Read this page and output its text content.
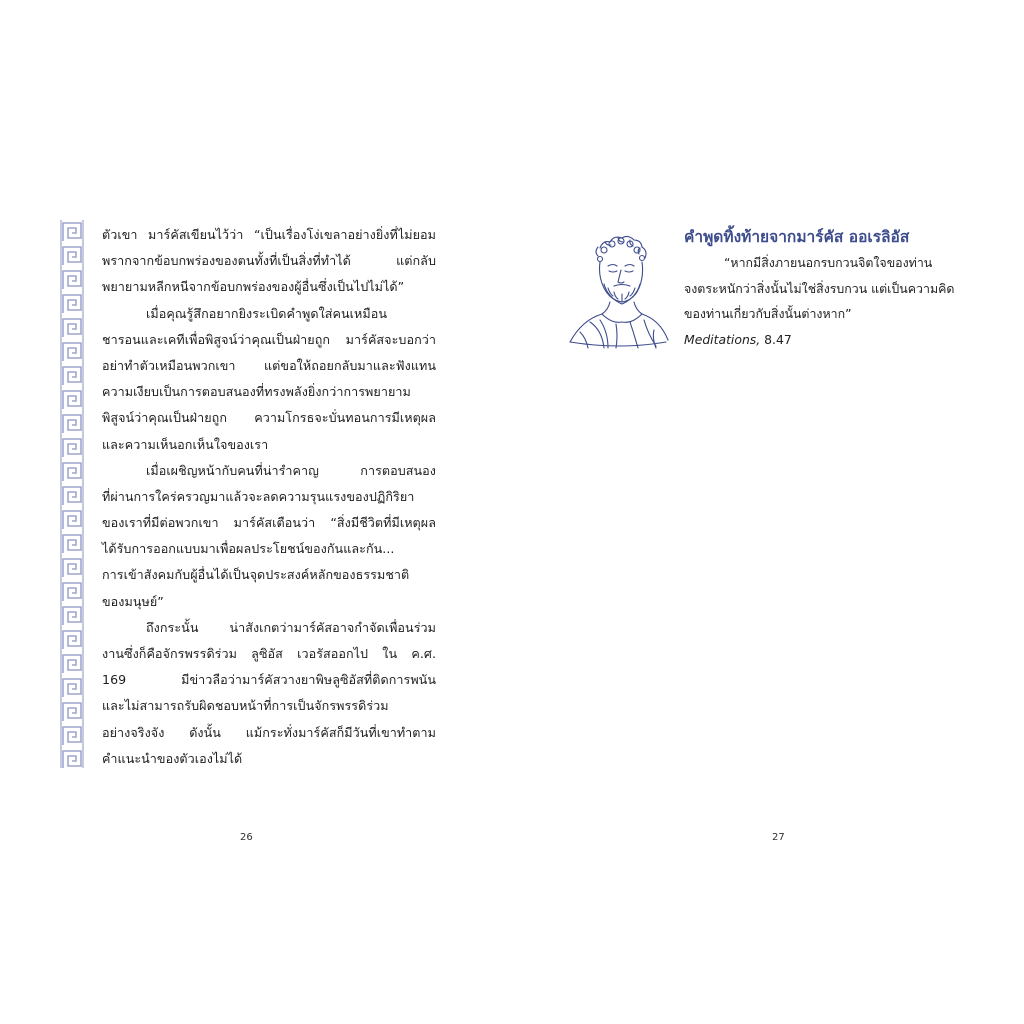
ตัวเขา มาร์คัสเขียนไว้ว่า “เป็นเรื่องโง่เขลาอย่างยิ่งที่ไม่ยอม
พรากจากข้อบกพร่องของตนทั้งที่เป็นสิ่งที่ทำได้ แต่กลับ
พยายามหลีกหนีจากข้อบกพร่องของผู้อื่นซึ่งเป็นไปไม่ได้”
เมื่อคุณรู้สึกอยากยิงระเบิดคำพูดใส่คนเหมือน
ชารอนและเคทีเพื่อพิสูจน์ว่าคุณเป็นฝ่ายถูก มาร์คัสจะบอกว่า
อย่าทำตัวเหมือนพวกเขา แต่ขอให้ถอยกลับมาและฟังแทน
ความเงียบเป็นการตอบสนองที่ทรงพลังยิ่งกว่าการพยายาม
พิสูจน์ว่าคุณเป็นฝ่ายถูก ความโกรธจะบั่นทอนการมีเหตุผล
และความเห็นอกเห็นใจของเรา
เมื่อเผชิญหน้ากับคนที่น่ารำคาญ การตอบสนอง
ที่ผ่านการใคร่ครวญมาแล้วจะลดความรุนแรงของปฏิกิริยา
ของเราที่มีต่อพวกเขา มาร์คัสเตือนว่า “สิ่งมีชีวิตที่มีเหตุผล
ได้รับการออกแบบมาเพื่อผลประโยชน์ของกันและกัน...
การเข้าสังคมกับผู้อื่นได้เป็นจุดประสงค์หลักของธรรมชาติ
ของมนุษย์”
ถึงกระนั้น น่าสังเกตว่ามาร์คัสอาจกำจัดเพื่อนร่วม
งานซึ่งก็คือจักรพรรดิร่วม ลูซิอัส เวอรัสออกไป ใน ค.ศ.
169 มีข่าวลือว่ามาร์คัสวางยาพิษลูซิอัสที่ติดการพนัน
และไม่สามารถรับผิดชอบหน้าที่การเป็นจักรพรรดิร่วม
อย่างจริงจัง ดังนั้น แม้กระทั่งมาร์คัสก็มีวันที่เขาทำตาม
คำแนะนำของตัวเองไม่ได้
26
คำพูดทิ้งท้ายจากมาร์คัส ออเรลิอัส
“หากมีสิ่งภายนอกรบกวนจิตใจของท่าน
จงตระหนักว่าสิ่งนั้นไม่ใช่สิ่งรบกวน แต่เป็นความคิด
ของท่านเกี่ยวกับสิ่งนั้นต่างหาก”
Meditations, 8.47
27
